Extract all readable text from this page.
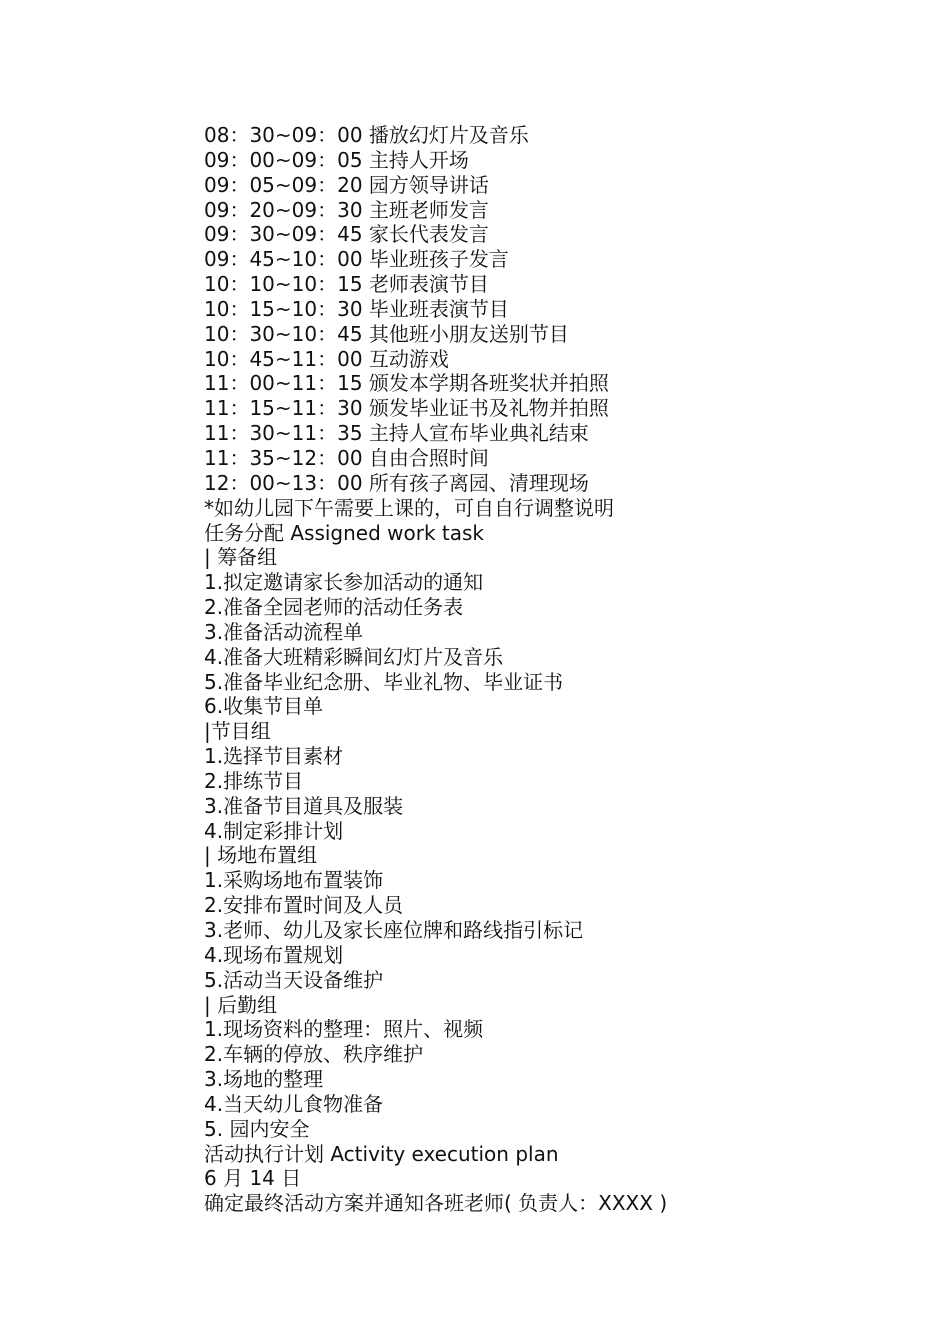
08：30~09：00 播放幻灯片及音乐
09：00~09：05 主持人开场
09：05~09：20 园方领导讲话
09：20~09：30 主班老师发言
09：30~09：45 家长代表发言
09：45~10：00 毕业班孩子发言
10：10~10：15 老师表演节目
10：15~10：30 毕业班表演节目
10：30~10：45 其他班小朋友送别节目
10：45~11：00 互动游戏
11：00~11：15 颁发本学期各班奖状并拍照
11：15~11：30 颁发毕业证书及礼物并拍照
11：30~11：35 主持人宣布毕业典礼结束
11：35~12：00 自由合照时间
12：00~13：00 所有孩子离园、清理现场
*如幼儿园下午需要上课的，可自自行调整说明
任务分配 Assigned work task
| 筹备组
1.拟定邀请家长参加活动的通知
2.准备全园老师的活动任务表
3.准备活动流程单
4.准备大班精彩瞬间幻灯片及音乐
5.准备毕业纪念册、毕业礼物、毕业证书
6.收集节目单
|节目组
1.选择节目素材
2.排练节目
3.准备节目道具及服装
4.制定彩排计划
| 场地布置组
1.采购场地布置装饰
2.安排布置时间及人员
3.老师、幼儿及家长座位牌和路线指引标记
4.现场布置规划
5.活动当天设备维护
| 后勤组
1.现场资料的整理：照片、视频
2.车辆的停放、秩序维护
3.场地的整理
4.当天幼儿食物准备
5. 园内安全
活动执行计划 Activity execution plan
6 月 14 日
确定最终活动方案并通知各班老师( 负责人：XXXX )
